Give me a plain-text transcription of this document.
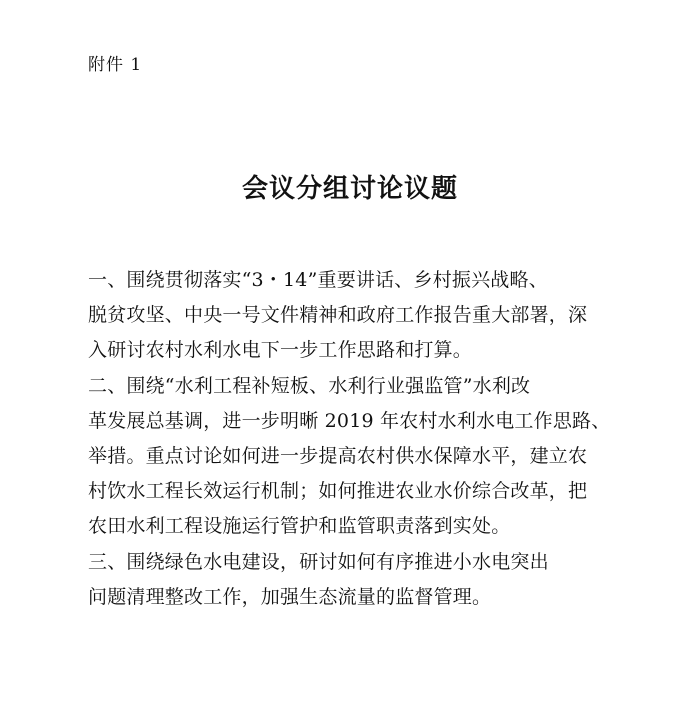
附件 1
会议分组讨论议题
一、围绕贯彻落实“3・14”重要讲话、乡村振兴战略、
脱贫攻坚、中央一号文件精神和政府工作报告重大部署，深
入研讨农村水利水电下一步工作思路和打算。
二、围绕“水利工程补短板、水利行业强监管”水利改
革发展总基调，进一步明晰 2019 年农村水利水电工作思路、
举措。重点讨论如何进一步提高农村供水保障水平，建立农
村饮水工程长效运行机制；如何推进农业水价综合改革，把
农田水利工程设施运行管护和监管职责落到实处。
三、围绕绿色水电建设，研讨如何有序推进小水电突出
问题清理整改工作，加强生态流量的监督管理。
